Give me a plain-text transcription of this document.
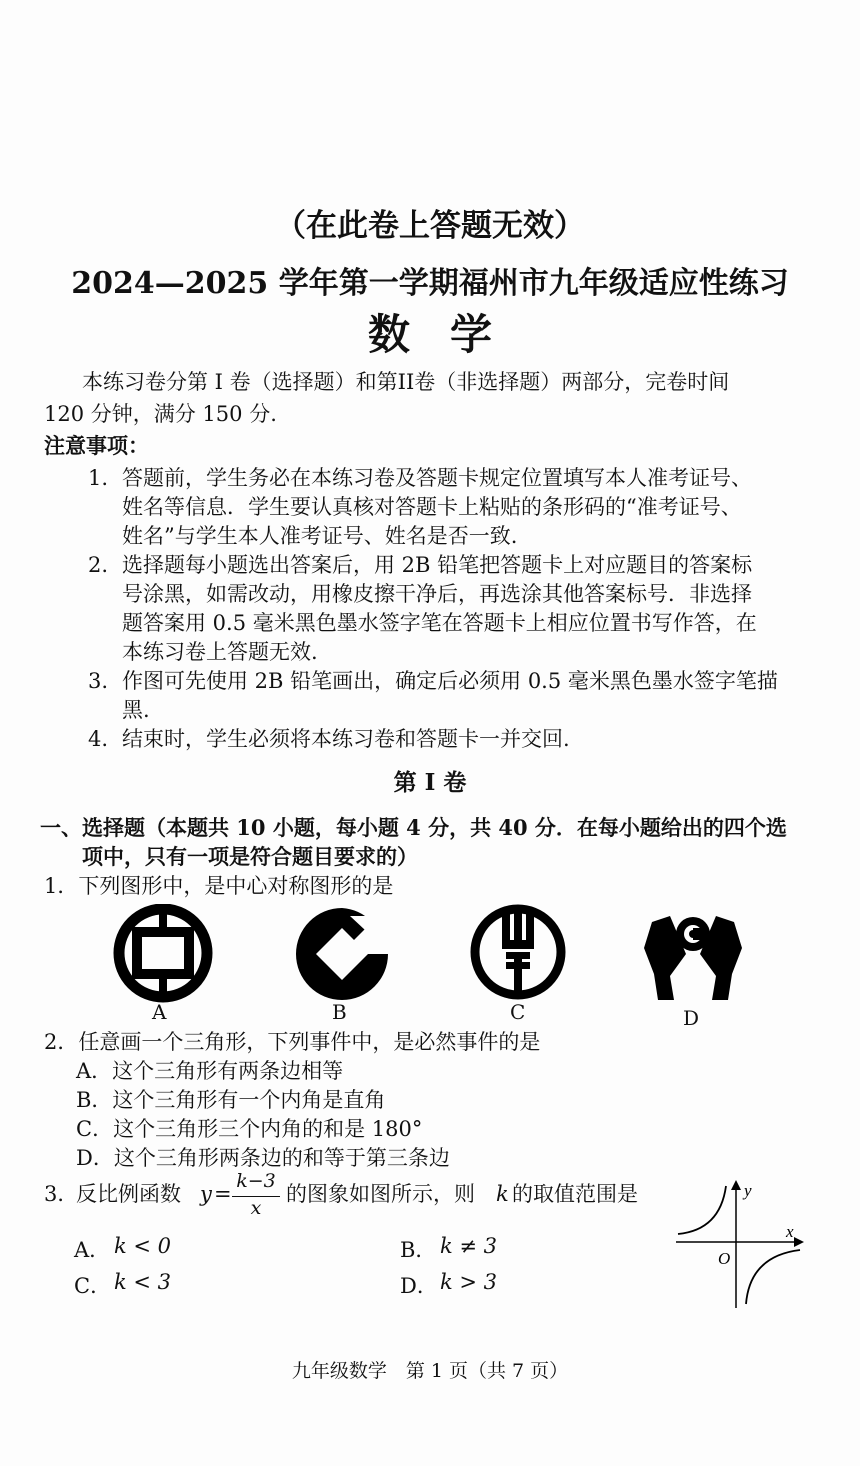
（在此卷上答题无效）
2024—2025 学年第一学期福州市九年级适应性练习
数学
本练习卷分第 I 卷（选择题）和第II卷（非选择题）两部分，完卷时间
120 分钟，满分 150 分.
注意事项：
1. 答题前，学生务必在本练习卷及答题卡规定位置填写本人准考证号、
姓名等信息．学生要认真核对答题卡上粘贴的条形码的“准考证号、
姓名”与学生本人准考证号、姓名是否一致.
2. 选择题每小题选出答案后，用 2B 铅笔把答题卡上对应题目的答案标
号涂黑，如需改动，用橡皮擦干净后，再选涂其他答案标号．非选择
题答案用 0.5 毫米黑色墨水签字笔在答题卡上相应位置书写作答，在
本练习卷上答题无效.
3. 作图可先使用 2B 铅笔画出，确定后必须用 0.5 毫米黑色墨水签字笔描
黑.
4. 结束时，学生必须将本练习卷和答题卡一并交回.
第 I 卷
一、选择题（本题共 10 小题，每小题 4 分，共 40 分．在每小题给出的四个选
项中，只有一项是符合题目要求的）
1．下列图形中，是中心对称图形的是
A	B	C	D
2．任意画一个三角形，下列事件中，是必然事件的是
A．这个三角形有两条边相等
B．这个三角形有一个内角是直角
C．这个三角形三个内角的和是 180°
D．这个三角形两条边的和等于第三条边
3．
反比例函数 y =
k−3
x
的图象如图所示，则 k 的取值范围是
A． k < 0	B． k ≠ 3
C． k < 3	D． k > 3
y
x
O
九年级数学　第 1 页（共 7 页）
